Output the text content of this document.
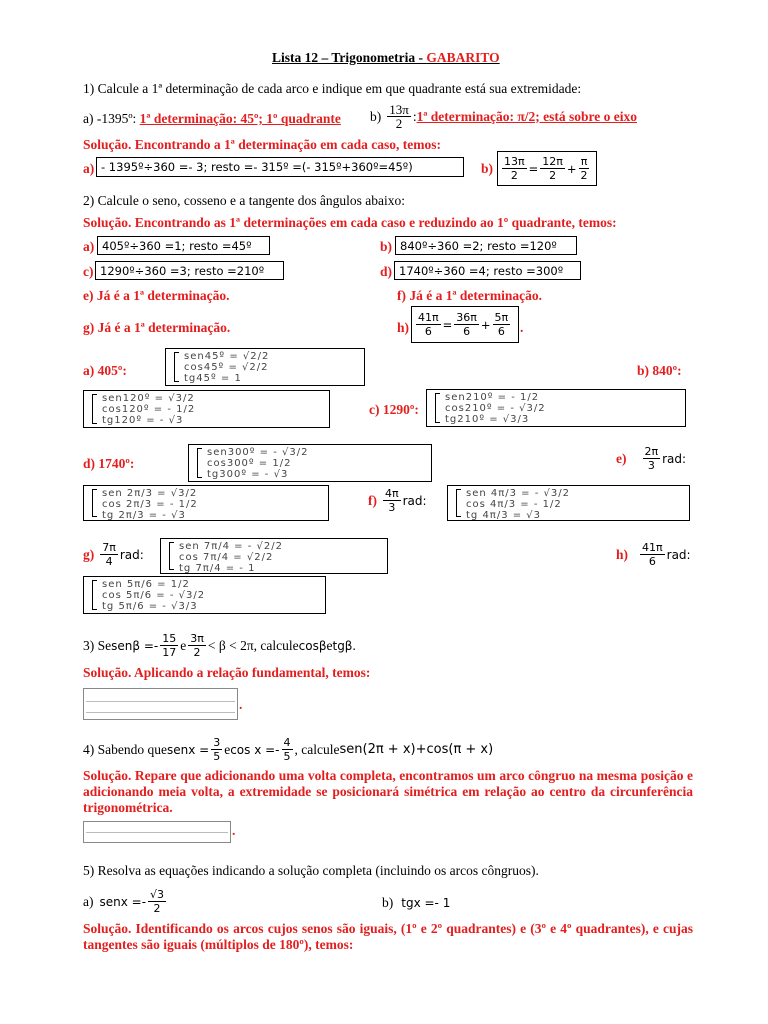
Lista 12 – Trigonometria - GABARITO
1) Calcule a 1ª determinação de cada arco e indique em que quadrante está sua extremidade:
a) -1395º: 1ª determinação: 45º; 1º quadrante $b) \frac{13\pi}{2}$ : 1ª determinação: π/2; está sobre o eixo
Solução. Encontrando a 1ª determinação em cada caso, temos:
a) - 1395º÷360 =- 3; resto =- 315º =(- 315º+360º=45º)	$b) \frac{13\pi}{2} = \frac{12\pi}{2} + \frac{\pi}{2}$
2) Calcule o seno, cosseno e a tangente dos ângulos abaixo:
Solução. Encontrando as 1ª determinações em cada caso e reduzindo ao 1º quadrante, temos:
a) 405º÷360 =1; resto =45º	b) 840º÷360 =2; resto =120º
c) 1290º÷360 =3; resto =210º	d) 1740º÷360 =4; resto =300º
e) Já é a 1ª determinação.	f) Já é a 1ª determinação.
g) Já é a 1ª determinação.	$h) \frac{41\pi}{6} = \frac{36\pi}{6} + \frac{5\pi}{6}$ .
a) 405º:
sen45º = √2/2
cos45º = √2/2
tg45º = 1
b) 840º:
sen120º = √3/2
cos120º = - 1/2
tg120º = - √3
c) 1290º:
sen210º = - 1/2
cos210º = - √3/2
tg210º = √3/3
d) 1740º:
sen300º = - √3/2
cos300º = 1/2
tg300º = - √3
$e) \frac{2\pi}{3}$ rad:
sen 2π/3 = √3/2
cos 2π/3 = - 1/2
tg 2π/3 = - √3
$f) \frac{4\pi}{3}$ rad:	sen 4π/3 = - √3/2
cos 4π/3 = - 1/2
tg 4π/3 = √3
$g) \frac{7\pi}{4}$ rad:
sen 7π/4 = - √2/2
cos 7π/4 = √2/2
tg 7π/4 = - 1
$h) \frac{41\pi}{6}$ rad:
sen 5π/6 = 1/2
cos 5π/6 = - √3/2
tg 5π/6 = - √3/3
3) Se $sen\beta =- \frac{15}{17}$ e $\frac{3\pi}{2} < \beta < 2\pi$, calcule cosβ e tgβ .
Solução. Aplicando a relação fundamental, temos:
.
4) Sabendo que senx = $\frac{3}{5}$ e $\cos x =- \frac{4}{5}$ , calcule sen(2π + x)+cos(π + x)
Solução. Repare que adicionando uma volta completa, encontramos um arco côngruo na mesma posição e adicionando meia volta, a extremidade se posicionará simétrica em relação ao centro da circunferência trigonométrica.
.
5) Resolva as equações indicando a solução completa (incluindo os arcos côngruos).
a) senx =- $\frac{√3}{2}$	b) tgx =- 1
Solução. Identificando os arcos cujos senos são iguais, (1º e 2º quadrantes) e (3º e 4º quadrantes), e cujas tangentes são iguais (múltiplos de 180º), temos:
